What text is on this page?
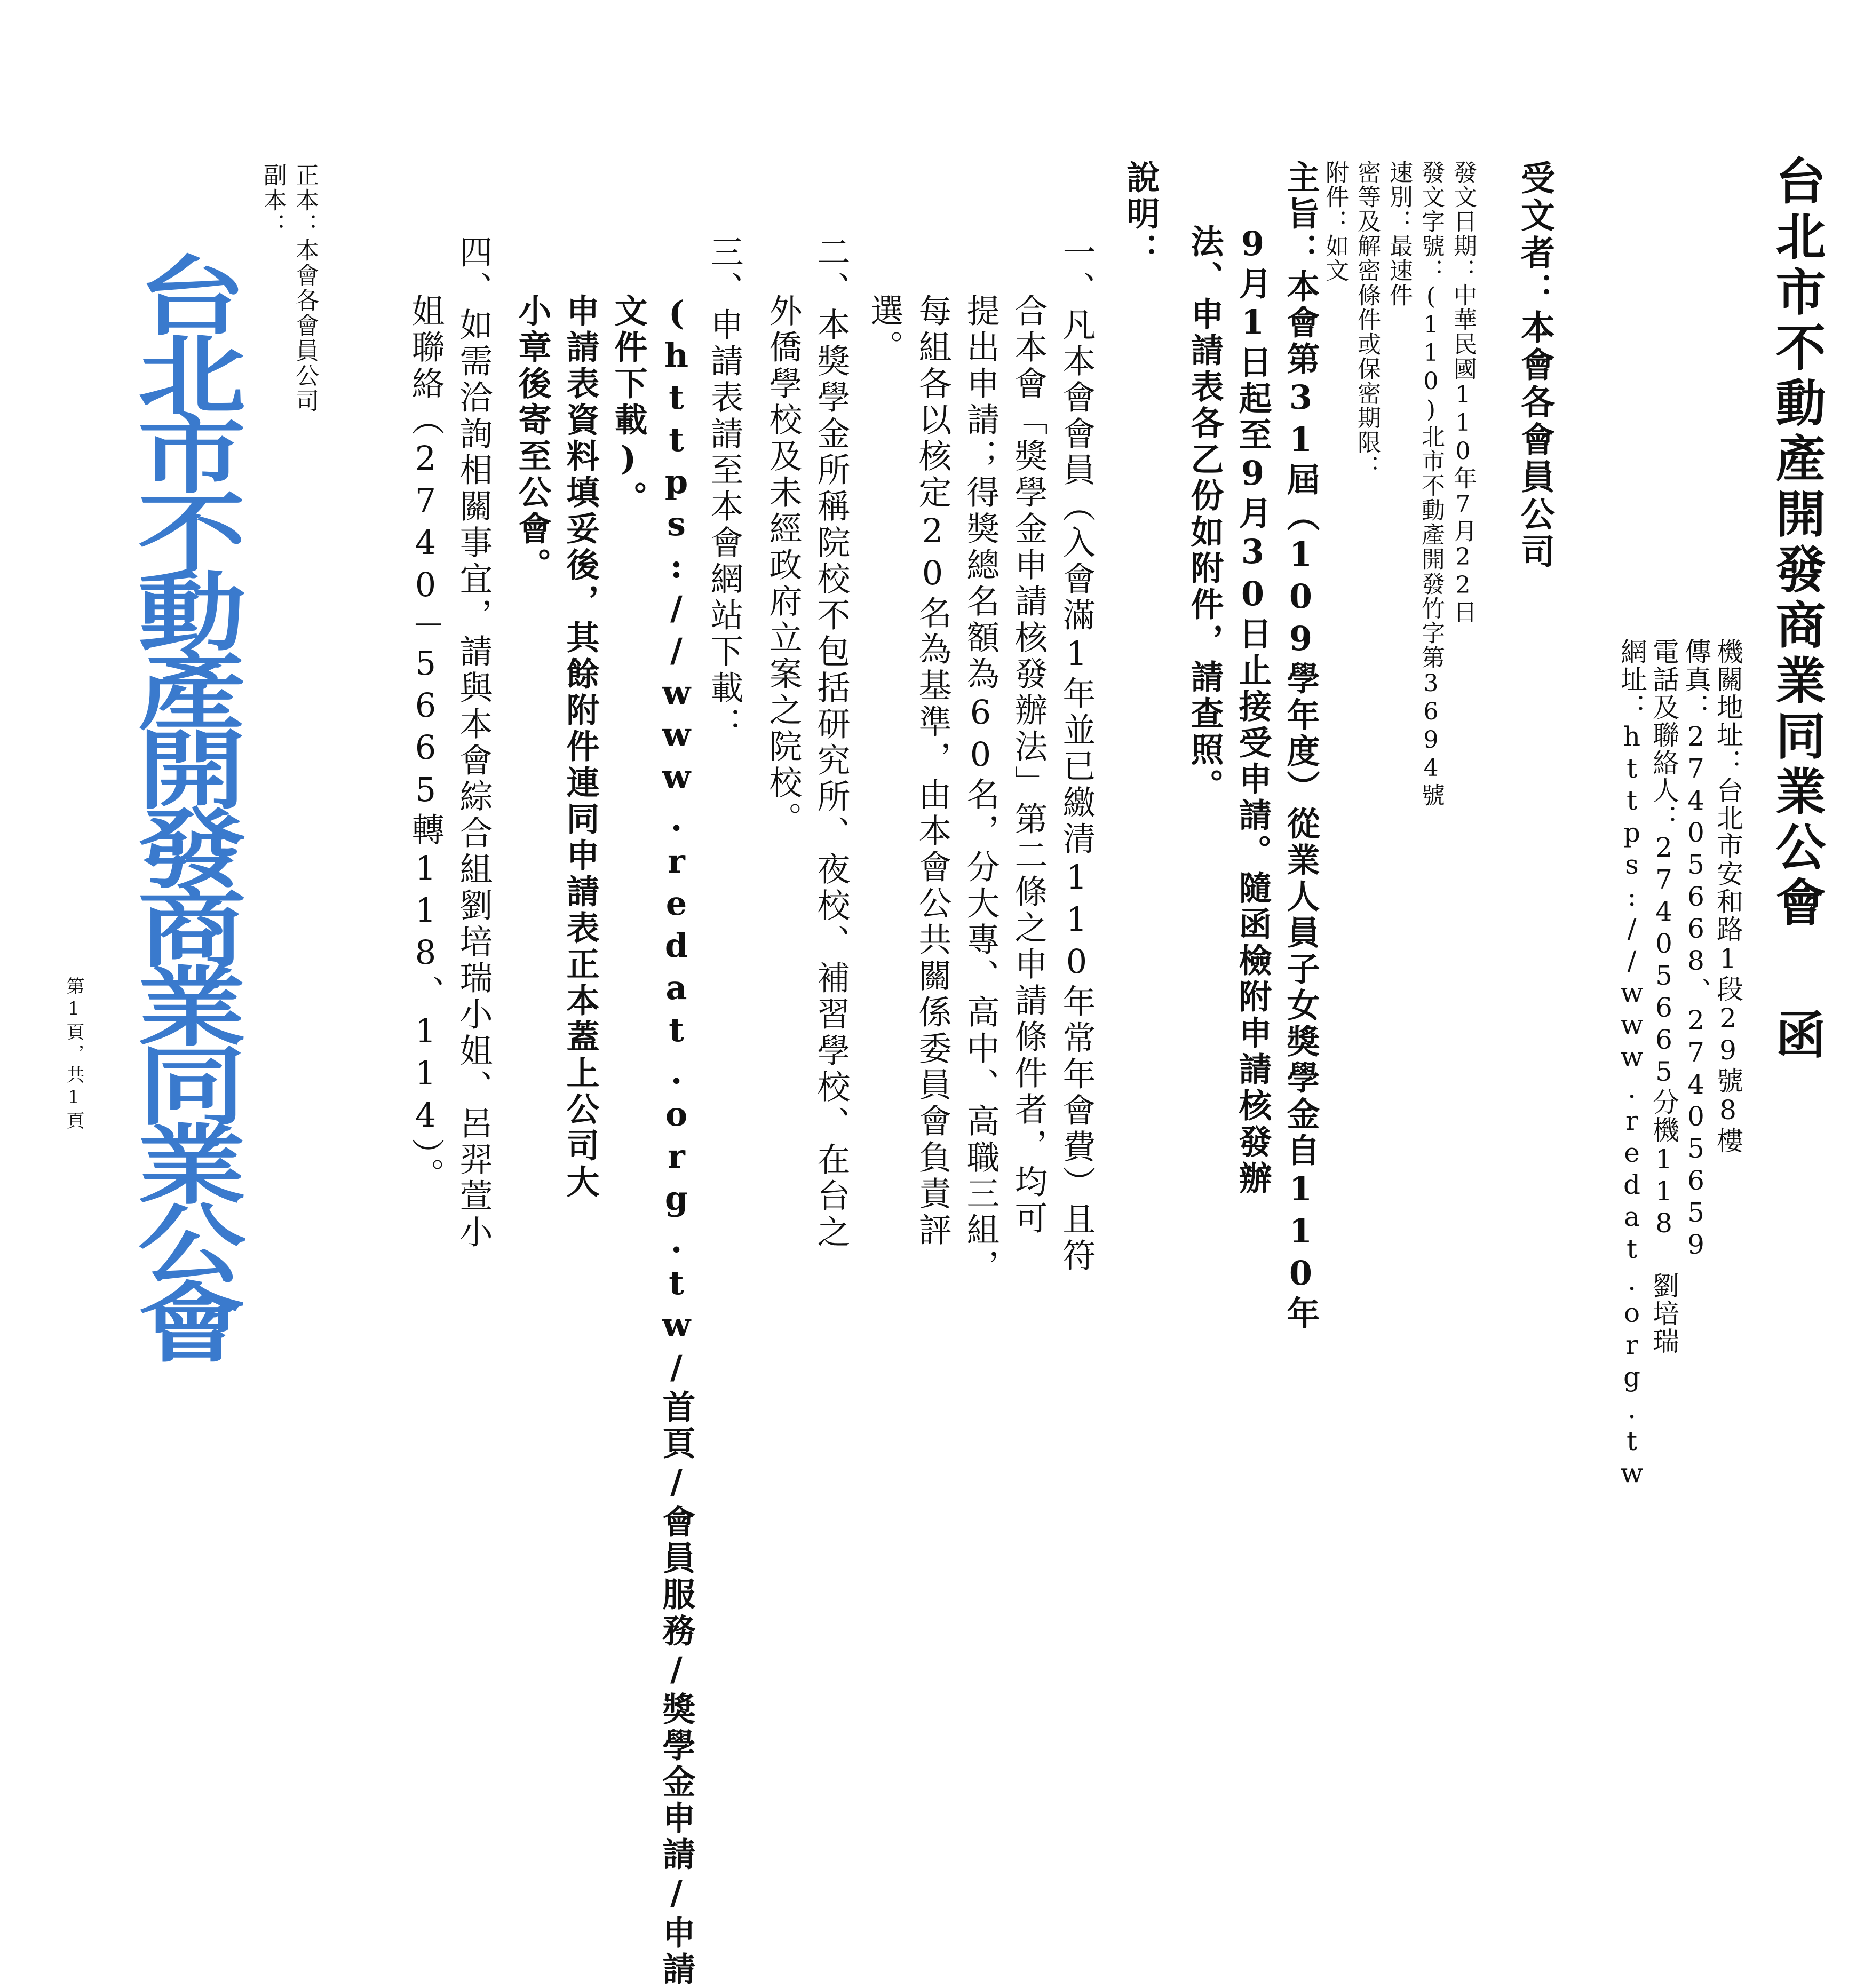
台北市不動產開發商業同業公會
函
機關地址：台北市安和路1段29號8樓
傳真：27405668、27405659
電話及聯絡人：27405665分機118 劉培瑞
網址：https://www.redat.org.tw
受文者：本會各會員公司
發文日期：中華民國110年7月22日
發文字號：(110)北市不動產開發竹字第3694號
速別：最速件
密等及解密條件或保密期限：
附件：如文
主旨：本會第31屆（109學年度）從業人員子女獎學金自110年
9月1日起至9月30日止接受申請。隨函檢附申請核發辦
法、申請表各乙份如附件，請查照。
說明：
一、凡本會會員（入會滿1年並已繳清110年常年會費）且符
合本會「獎學金申請核發辦法」第二條之申請條件者，均可
提出申請；得獎總名額為60名，分大專、高中、高職三組，
每組各以核定20名為基準，由本會公共關係委員會負責評
選。
二、本獎學金所稱院校不包括研究所、夜校、補習學校、在台之
外僑學校及未經政府立案之院校。
三、申請表請至本會網站下載：
(https://www.redat.org.tw/首頁/會員服務/獎學金申請/申請
文件下載)。
申請表資料填妥後，其餘附件連同申請表正本蓋上公司大
小章後寄至公會。
四、如需洽詢相關事宜，請與本會綜合組劉培瑞小姐、呂羿萱小
姐聯絡（2740－5665轉118、114）。
正本：本會各會員公司
副本：
台北市不動產開發商業同業公會
第1頁，共1頁
